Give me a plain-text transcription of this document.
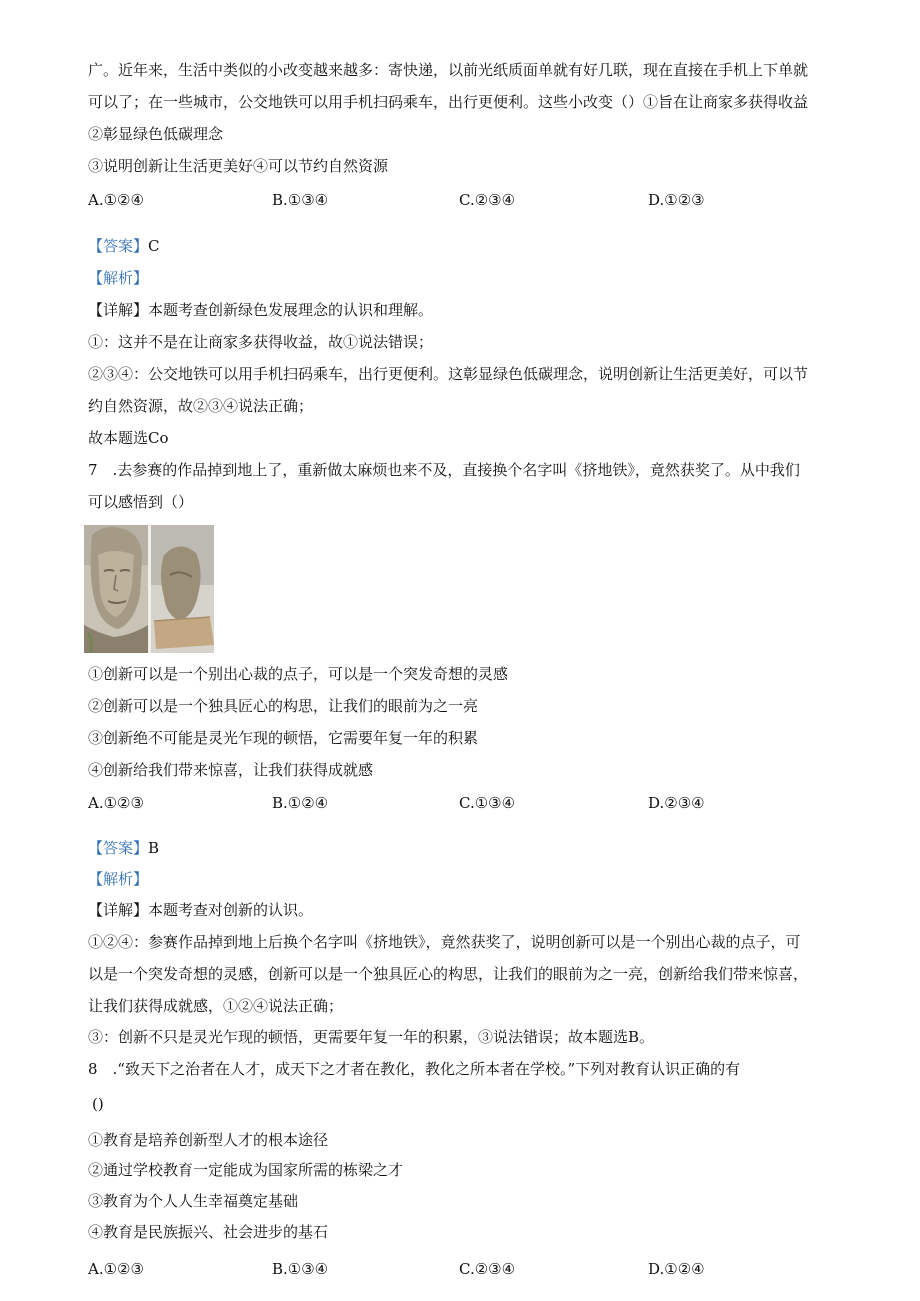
广。近年来，生活中类似的小改变越来越多：寄快递，以前光纸质面单就有好几联，现在直接在手机上下单就
可以了；在一些城市，公交地铁可以用手机扫码乘车，出行更便利。这些小改变（）①旨在让商家多获得收益
②彰显绿色低碳理念
③说明创新让生活更美好④可以节约自然资源
A.①②④	B.①③④	C.②③④	D.①②③
【答案】C
【解析】
【详解】本题考查创新绿色发展理念的认识和理解。
①：这并不是在让商家多获得收益，故①说法错误；
②③④：公交地铁可以用手机扫码乘车，出行更便利。这彰显绿色低碳理念，说明创新让生活更美好，可以节
约自然资源，故②③④说法正确；
故本题选Co
7　.去参赛的作品掉到地上了，重新做太麻烦也来不及，直接换个名字叫《挤地铁》，竟然获奖了。从中我们
可以感悟到（）
①创新可以是一个别出心裁的点子，可以是一个突发奇想的灵感
②创新可以是一个独具匠心的构思，让我们的眼前为之一亮
③创新绝不可能是灵光乍现的顿悟，它需要年复一年的积累
④创新给我们带来惊喜，让我们获得成就感
A.①②③	B.①②④	C.①③④	D.②③④
【答案】B
【解析】
【详解】本题考查对创新的认识。
①②④：参赛作品掉到地上后换个名字叫《挤地铁》，竟然获奖了，说明创新可以是一个别出心裁的点子，可
以是一个突发奇想的灵感，创新可以是一个独具匠心的构思，让我们的眼前为之一亮，创新给我们带来惊喜，
让我们获得成就感，①②④说法正确；
③：创新不只是灵光乍现的顿悟，更需要年复一年的积累，③说法错误；故本题选B。
8　.“致天下之治者在人才，成天下之才者在教化，教化之所本者在学校。”下列对教育认识正确的有
()
①教育是培养创新型人才的根本途径
②通过学校教育一定能成为国家所需的栋梁之才
③教育为个人人生幸福奠定基础
④教育是民族振兴、社会进步的基石
A.①②③	B.①③④	C.②③④	D.①②④
